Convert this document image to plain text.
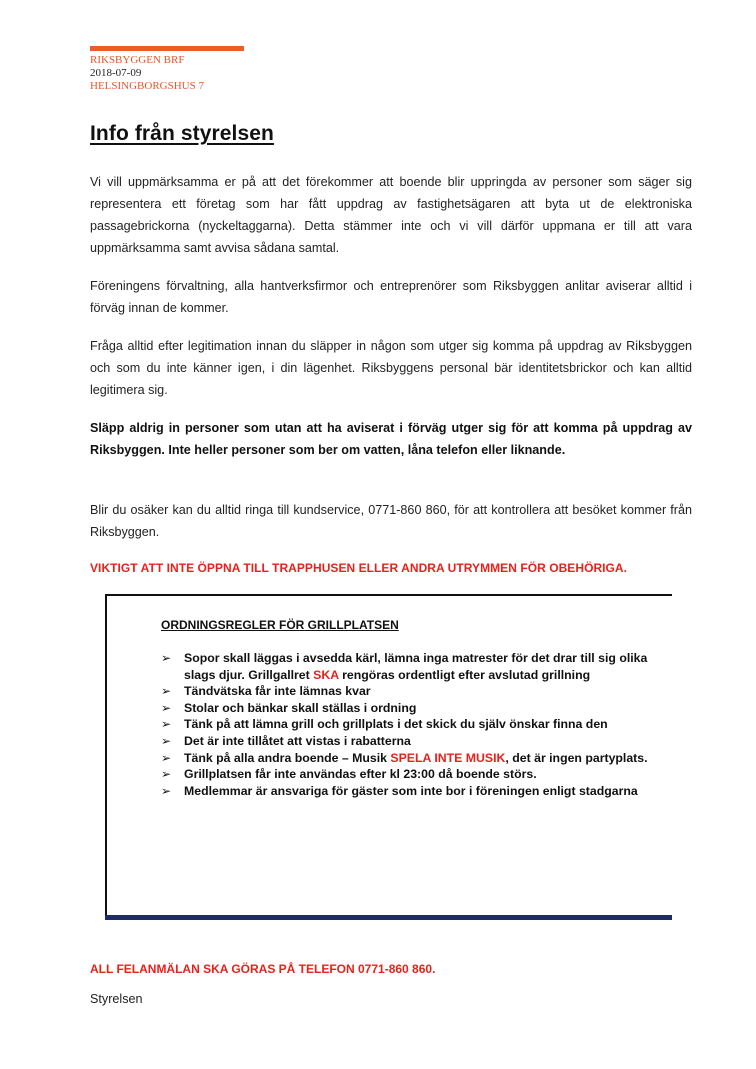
RIKSBYGGEN BRF
2018-07-09
HELSINGBORGSHUS 7
Info från styrelsen

Vi vill uppmärksamma er på att det förekommer att boende blir uppringda av personer som säger sig representera ett företag som har fått uppdrag av fastighetsägaren att byta ut de elektroniska passagebrickorna (nyckeltaggarna). Detta stämmer inte och vi vill därför uppmana er till att vara uppmärksamma samt avvisa sådana samtal.

Föreningens förvaltning, alla hantverksfirmor och entreprenörer som Riksbyggen anlitar aviserar alltid i förväg innan de kommer.

Fråga alltid efter legitimation innan du släpper in någon som utger sig komma på uppdrag av Riksbyggen och som du inte känner igen, i din lägenhet. Riksbyggens personal bär identitetsbrickor och kan alltid legitimera sig.

Släpp aldrig in personer som utan att ha aviserat i förväg utger sig för att komma på uppdrag av Riksbyggen. Inte heller personer som ber om vatten, låna telefon eller liknande.

Blir du osäker kan du alltid ringa till kundservice, 0771-860 860, för att kontrollera att besöket kommer från Riksbyggen.

VIKTIGT ATT INTE ÖPPNA TILL TRAPPHUSEN ELLER ANDRA UTRYMMEN FÖR OBEHÖRIGA.

ORDNINGSREGLER FÖR GRILLPLATSEN

➢ Sopor skall läggas i avsedda kärl, lämna inga matrester för det drar till sig olika slags djur. Grillgallret SKA rengöras ordentligt efter avslutad grillning
➢ Tändvätska får inte lämnas kvar
➢ Stolar och bänkar skall ställas i ordning
➢ Tänk på att lämna grill och grillplats i det skick du själv önskar finna den
➢ Det är inte tillåtet att vistas i rabatterna
➢ Tänk på alla andra boende – Musik SPELA INTE MUSIK, det är ingen partyplats.
➢ Grillplatsen får inte användas efter kl 23:00 då boende störs.
➢ Medlemmar är ansvariga för gäster som inte bor i föreningen enligt stadgarna

ALL FELANMÄLAN SKA GÖRAS PÅ TELEFON 0771-860 860.

Styrelsen
